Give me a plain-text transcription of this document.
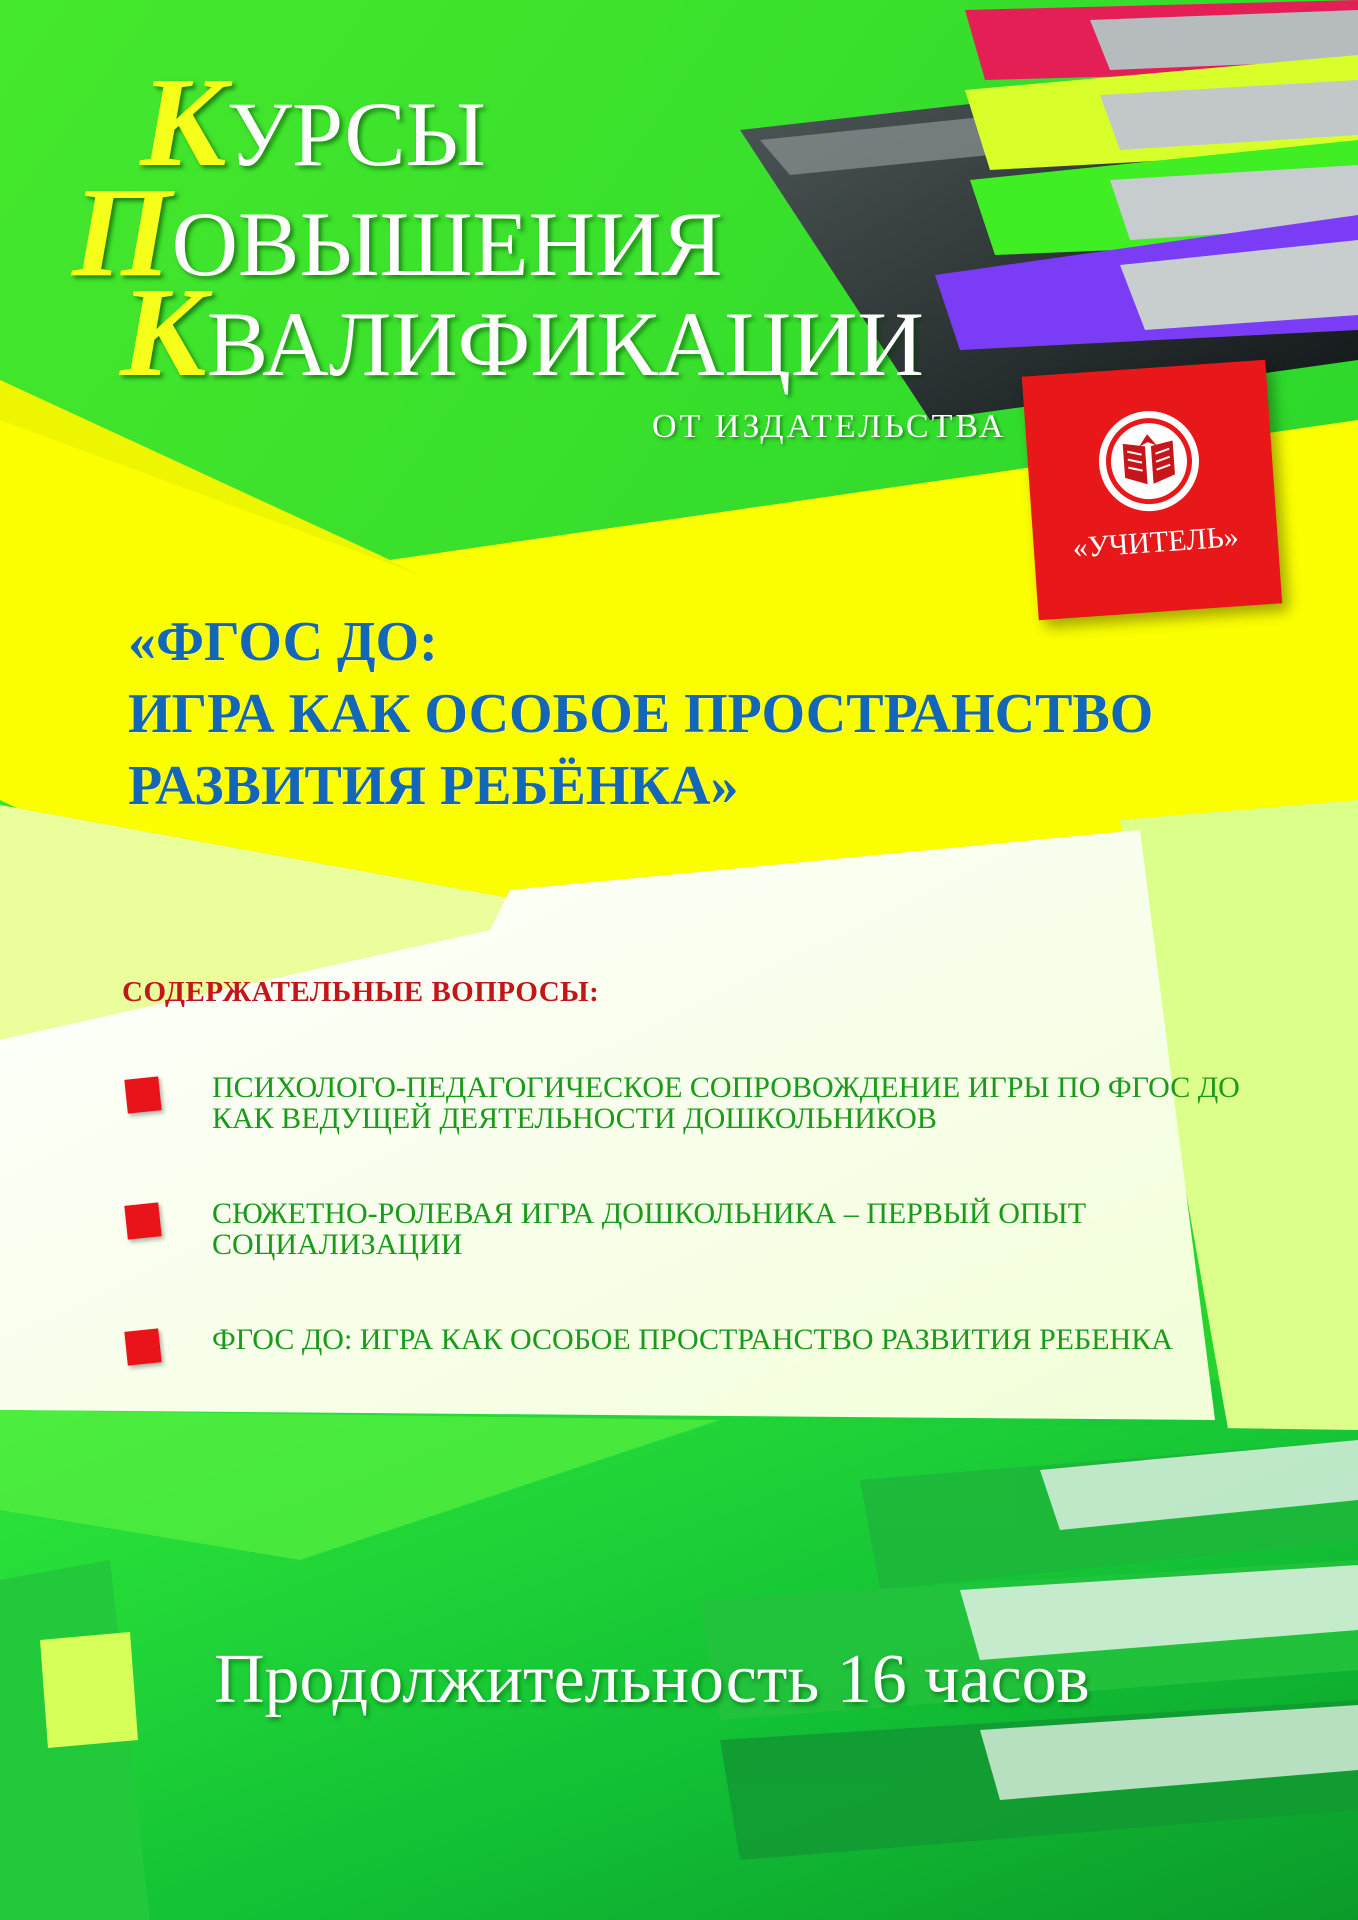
КУРСЫ
ПОВЫШЕНИЯ
КВАЛИФИКАЦИИ
ОТ ИЗДАТЕЛЬСТВА
«УЧИТЕЛЬ»
«ФГОС ДО:
ИГРА КАК ОСОБОЕ ПРОСТРАНСТВО
РАЗВИТИЯ РЕБЁНКА»
СОДЕРЖАТЕЛЬНЫЕ ВОПРОСЫ:
ПСИХОЛОГО-ПЕДАГОГИЧЕСКОЕ СОПРОВОЖДЕНИЕ ИГРЫ ПО ФГОС ДО КАК ВЕДУЩЕЙ ДЕЯТЕЛЬНОСТИ ДОШКОЛЬНИКОВ
СЮЖЕТНО-РОЛЕВАЯ ИГРА ДОШКОЛЬНИКА – ПЕРВЫЙ ОПЫТ СОЦИАЛИЗАЦИИ
ФГОС ДО: ИГРА КАК ОСОБОЕ ПРОСТРАНСТВО РАЗВИТИЯ РЕБЕНКА
Продолжительность 16 часов
